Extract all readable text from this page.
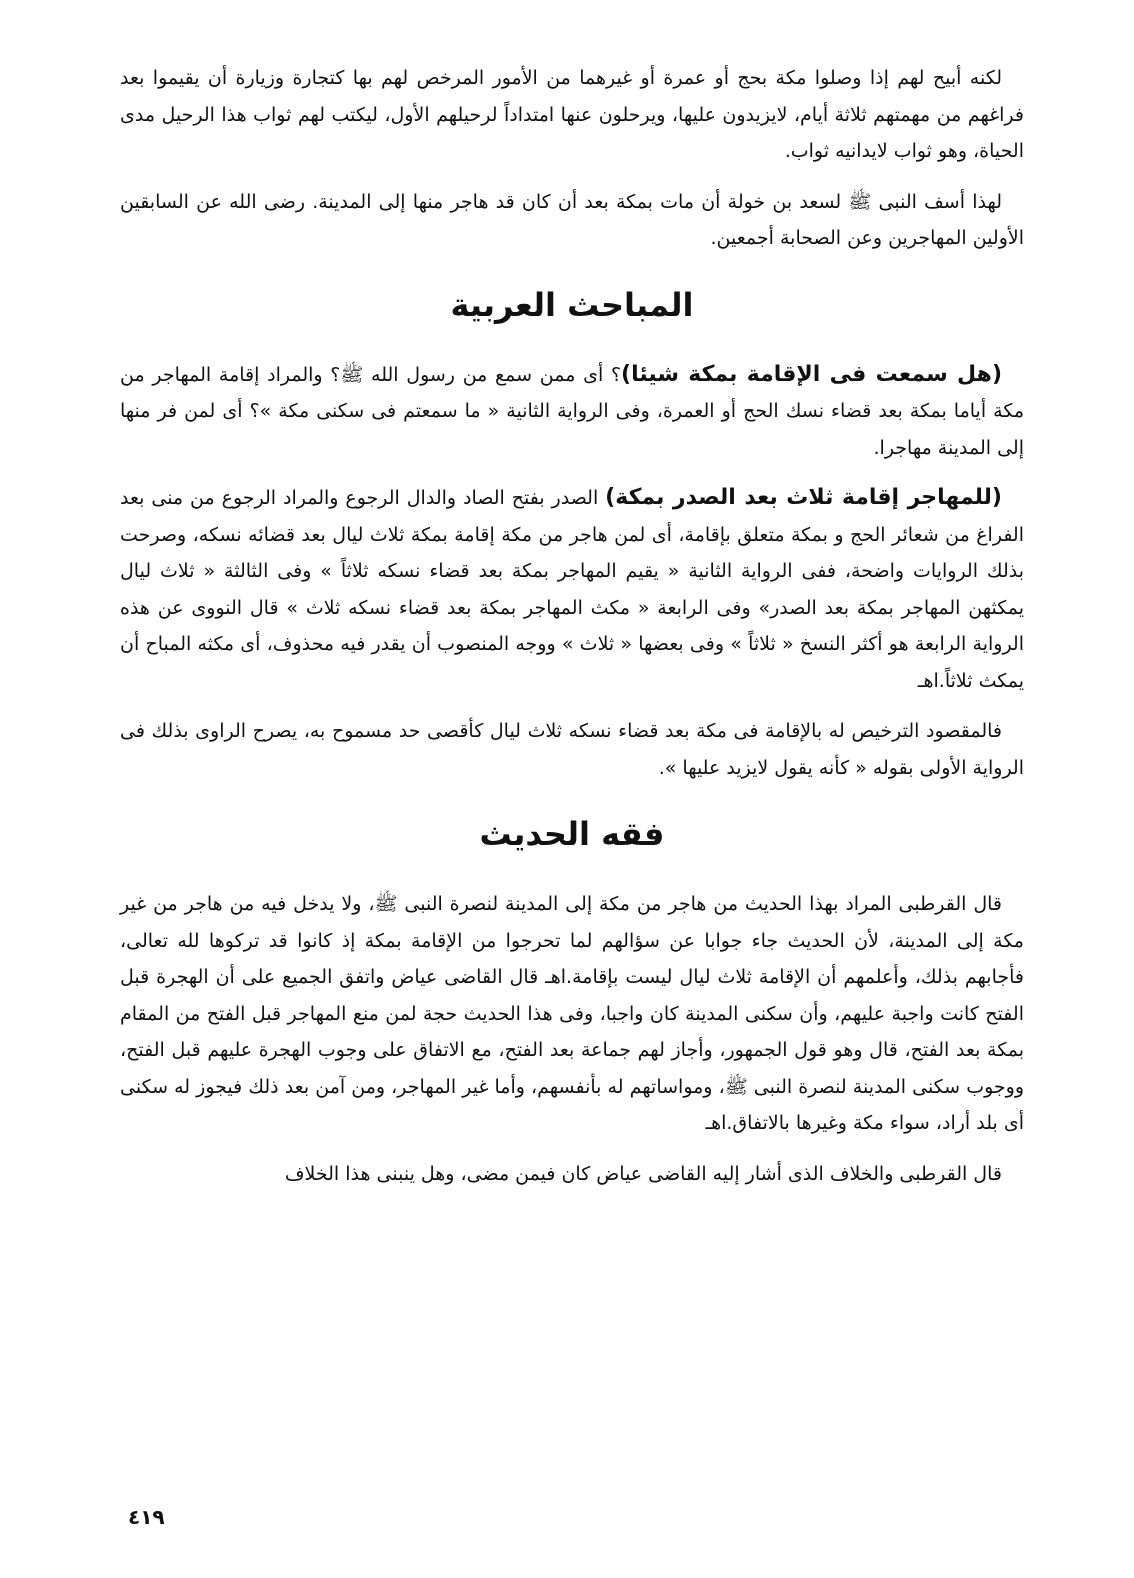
لكنه أبيح لهم إذا وصلوا مكة بحج أو عمرة أو غيرهما من الأمور المرخص لهم بها كتجارة وزيارة أن يقيموا بعد فراغهم من مهمتهم ثلاثة أيام، لايزيدون عليها، ويرحلون عنها امتداداً لرحيلهم الأول، ليكتب لهم ثواب هذا الرحيل مدى الحياة، وهو ثواب لايدانيه ثواب.

لهذا أسف النبى ﷺ لسعد بن خولة أن مات بمكة بعد أن كان قد هاجر منها إلى المدينة. رضى الله عن السابقين الأولين المهاجرين وعن الصحابة أجمعين.

المباحث العربية

(هل سمعت فى الإقامة بمكة شيئا)؟ أى ممن سمع من رسول الله ﷺ؟ والمراد إقامة المهاجر من مكة أياما بمكة بعد قضاء نسك الحج أو العمرة، وفى الرواية الثانية « ما سمعتم فى سكنى مكة »؟ أى لمن فر منها إلى المدينة مهاجرا.

(للمهاجر إقامة ثلاث بعد الصدر بمكة) الصدر بفتح الصاد والدال الرجوع والمراد الرجوع من منى بعد الفراغ من شعائر الحج و بمكة متعلق بإقامة، أى لمن هاجر من مكة إقامة بمكة ثلاث ليال بعد قضائه نسكه، وصرحت بذلك الروايات واضحة، ففى الرواية الثانية « يقيم المهاجر بمكة بعد قضاء نسكه ثلاثاً » وفى الثالثة « ثلاث ليال يمكثهن المهاجر بمكة بعد الصدر» وفى الرابعة « مكث المهاجر بمكة بعد قضاء نسكه ثلاث » قال النووى عن هذه الرواية الرابعة هو أكثر النسخ « ثلاثاً » وفى بعضها « ثلاث » ووجه المنصوب أن يقدر فيه محذوف، أى مكثه المباح أن يمكث ثلاثاً.اهـ

فالمقصود الترخيص له بالإقامة فى مكة بعد قضاء نسكه ثلاث ليال كأقصى حد مسموح به، يصرح الراوى بذلك فى الرواية الأولى بقوله « كأنه يقول لايزيد عليها ».

فقه الحديث

قال القرطبى المراد بهذا الحديث من هاجر من مكة إلى المدينة لنصرة النبى ﷺ، ولا يدخل فيه من هاجر من غير مكة إلى المدينة، لأن الحديث جاء جوابا عن سؤالهم لما تحرجوا من الإقامة بمكة إذ كانوا قد تركوها لله تعالى، فأجابهم بذلك، وأعلمهم أن الإقامة ثلاث ليال ليست بإقامة.اهـ قال القاضى عياض واتفق الجميع على أن الهجرة قبل الفتح كانت واجبة عليهم، وأن سكنى المدينة كان واجبا، وفى هذا الحديث حجة لمن منع المهاجر قبل الفتح من المقام بمكة بعد الفتح، قال وهو قول الجمهور، وأجاز لهم جماعة بعد الفتح، مع الاتفاق على وجوب الهجرة عليهم قبل الفتح، ووجوب سكنى المدينة لنصرة النبى ﷺ، ومواساتهم له بأنفسهم، وأما غير المهاجر، ومن آمن بعد ذلك فيجوز له سكنى أى بلد أراد، سواء مكة وغيرها بالاتفاق.اهـ

قال القرطبى والخلاف الذى أشار إليه القاضى عياض كان فيمن مضى، وهل ينبنى هذا الخلاف

٤١٩
